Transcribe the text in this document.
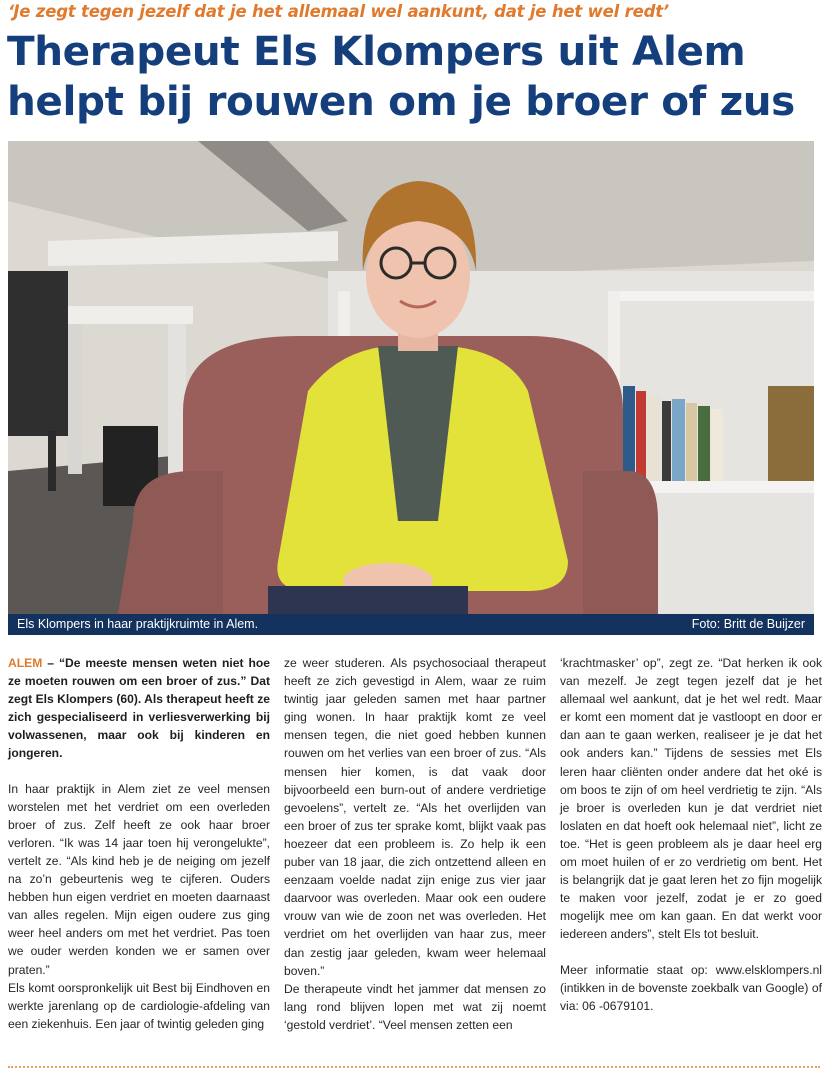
‘Je zegt tegen jezelf dat je het allemaal wel aankunt, dat je het wel redt’
Therapeut Els Klompers uit Alem
helpt bij rouwen om je broer of zus
Els Klompers in haar praktijkruimte in Alem.	Foto: Britt de Buijzer

ALEM – “De meeste mensen weten niet hoe ze moeten rouwen om een broer of zus.” Dat zegt Els Klompers (60). Als therapeut heeft ze zich gespecialiseerd in verliesverwerking bij volwassenen, maar ook bij kinderen en jongeren.

In haar praktijk in Alem ziet ze veel mensen worstelen met het verdriet om een overleden broer of zus. Zelf heeft ze ook haar broer verloren. “Ik was 14 jaar toen hij verongelukte”, vertelt ze. “Als kind heb je de neiging om jezelf na zo’n gebeurtenis weg te cijferen. Ouders hebben hun eigen verdriet en moeten daarnaast van alles regelen. Mijn eigen oudere zus ging weer heel anders om met het verdriet. Pas toen we ouder werden konden we er samen over praten.”

Els komt oorspronkelijk uit Best bij Eindhoven en werkte jarenlang op de cardiologie-afdeling van een ziekenhuis. Een jaar of twintig geleden ging

ze weer studeren. Als psychosociaal therapeut heeft ze zich gevestigd in Alem, waar ze ruim twintig jaar geleden samen met haar partner ging wonen. In haar praktijk komt ze veel mensen tegen, die niet goed hebben kunnen rouwen om het verlies van een broer of zus. “Als mensen hier komen, is dat vaak door bijvoorbeeld een burn-out of andere verdrietige gevoelens”, vertelt ze. “Als het overlijden van een broer of zus ter sprake komt, blijkt vaak pas hoezeer dat een probleem is. Zo help ik een puber van 18 jaar, die zich ontzettend alleen en eenzaam voelde nadat zijn enige zus vier jaar daarvoor was overleden. Maar ook een oudere vrouw van wie de zoon net was overleden. Het verdriet om het overlijden van haar zus, meer dan zestig jaar geleden, kwam weer helemaal boven.”

De therapeute vindt het jammer dat mensen zo lang rond blijven lopen met wat zij noemt ‘gestold verdriet’. “Veel mensen zetten een

‘krachtmasker’ op”, zegt ze. “Dat herken ik ook van mezelf. Je zegt tegen jezelf dat je het allemaal wel aankunt, dat je het wel redt. Maar er komt een moment dat je vastloopt en door er dan aan te gaan werken, realiseer je je dat het ook anders kan.” Tijdens de sessies met Els leren haar cliënten onder andere dat het oké is om boos te zijn of om heel verdrietig te zijn. “Als je broer is overleden kun je dat verdriet niet loslaten en dat hoeft ook helemaal niet”, licht ze toe. “Het is geen probleem als je daar heel erg om moet huilen of er zo verdrietig om bent. Het is belangrijk dat je gaat leren het zo fijn mogelijk te maken voor jezelf, zodat je er zo goed mogelijk mee om kan gaan. En dat werkt voor iedereen anders”, stelt Els tot besluit.

Meer informatie staat op: www.elsklompers.nl (intikken in de bovenste zoekbalk van Google) of via: 06 -0679101.
